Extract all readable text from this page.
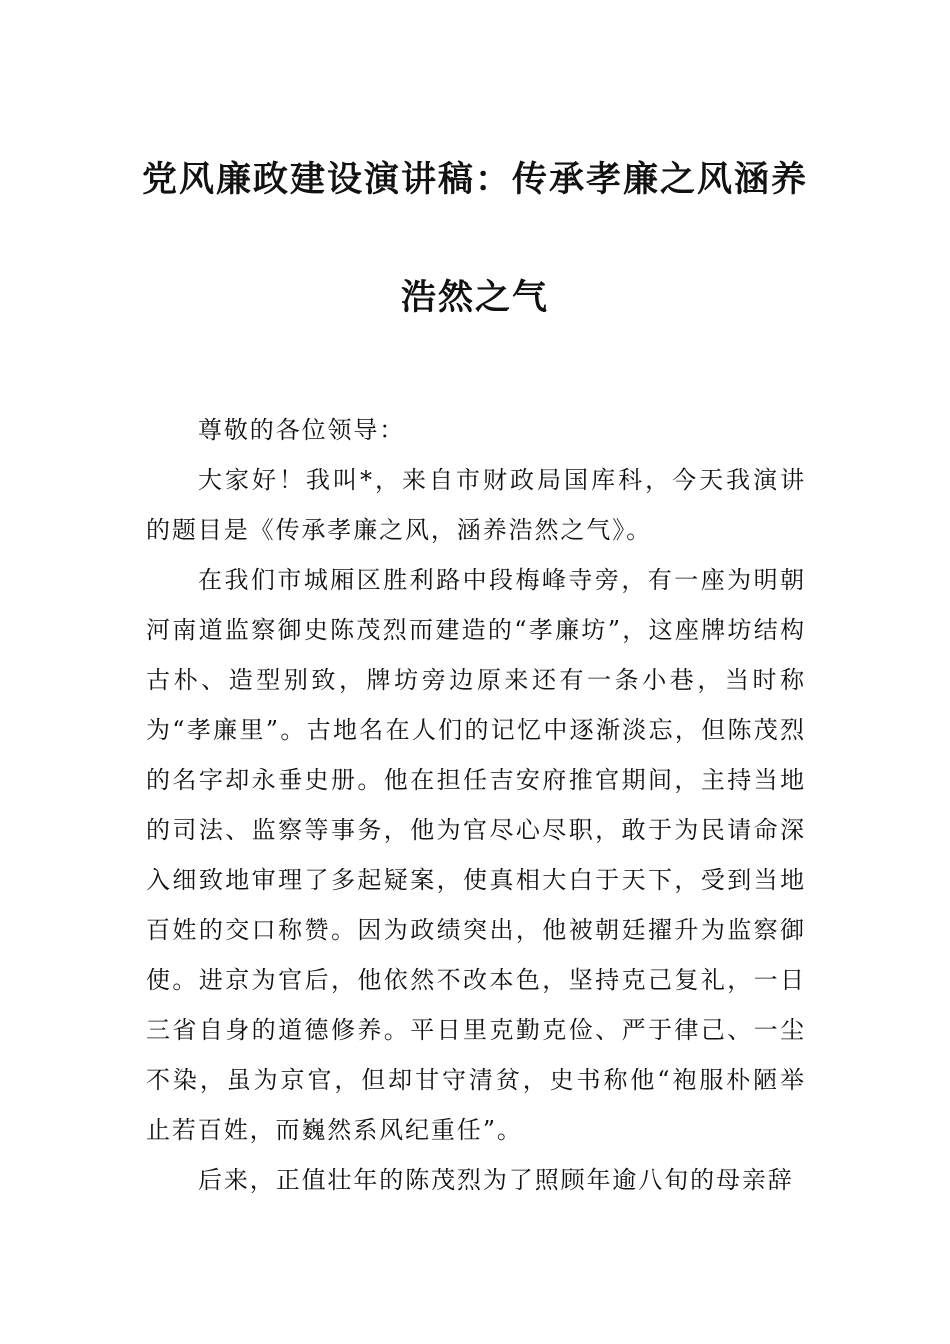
党风廉政建设演讲稿：传承孝廉之风涵养
浩然之气

尊敬的各位领导：

大家好！我叫*，来自市财政局国库科，今天我演讲的题目是《传承孝廉之风，涵养浩然之气》。

在我们市城厢区胜利路中段梅峰寺旁，有一座为明朝河南道监察御史陈茂烈而建造的“孝廉坊”，这座牌坊结构古朴、造型别致，牌坊旁边原来还有一条小巷，当时称为“孝廉里”。古地名在人们的记忆中逐渐淡忘，但陈茂烈的名字却永垂史册。他在担任吉安府推官期间，主持当地的司法、监察等事务，他为官尽心尽职，敢于为民请命深入细致地审理了多起疑案，使真相大白于天下，受到当地百姓的交口称赞。因为政绩突出，他被朝廷擢升为监察御使。进京为官后，他依然不改本色，坚持克己复礼，一日三省自身的道德修养。平日里克勤克俭、严于律己、一尘不染，虽为京官，但却甘守清贫，史书称他“袍服朴陋举止若百姓，而巍然系风纪重任”。

后来，正值壮年的陈茂烈为了照顾年逾八旬的母亲辞
